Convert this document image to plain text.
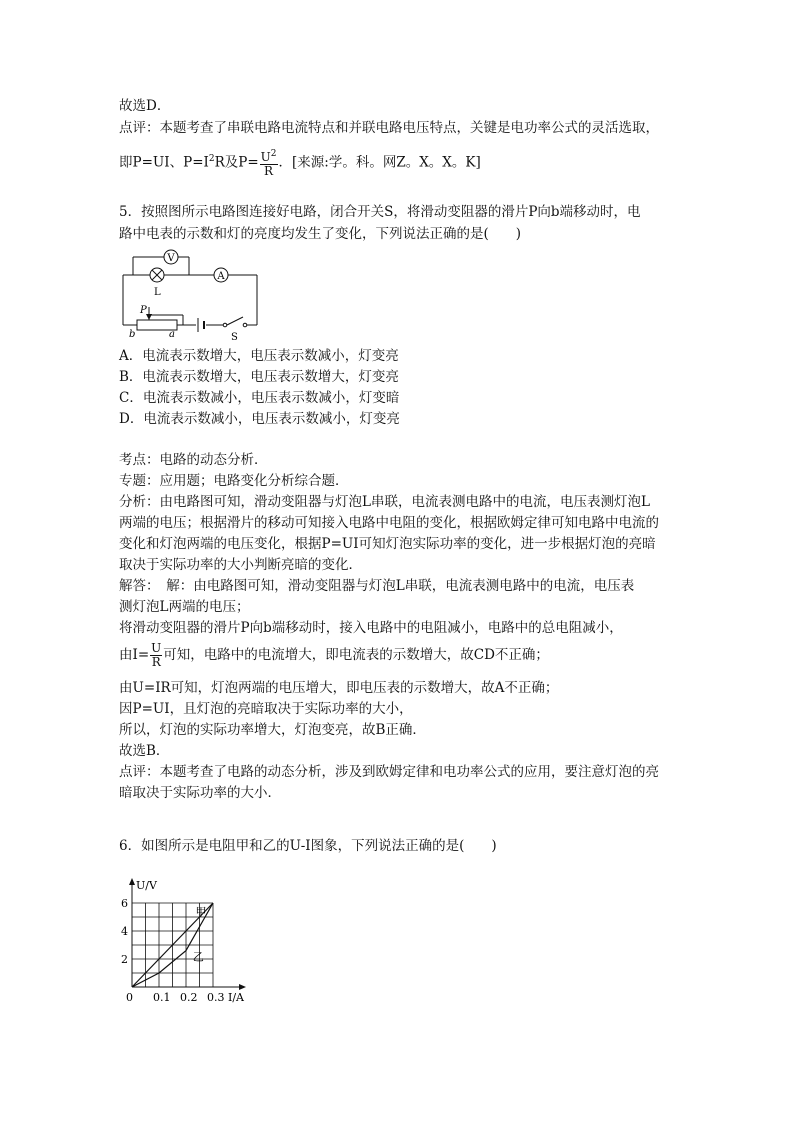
故选D．
点评：本题考查了串联电路电流特点和并联电路电压特点，关键是电功率公式的灵活选取，
即P=UI、$P=I^2R$及$P= \frac{U^2}{R}$ ．[来源:学。科。网Z。X。X。K]
5．按照图所示电路图连接好电路，闭合开关S，将滑动变阻器的滑片P向b端移动时，电
路中电表的示数和灯的亮度均发生了变化，下列说法正确的是(　　)
V
A
L
P
b	a	S
A．电流表示数增大，电压表示数减小，灯变亮
B．电流表示数增大，电压表示数增大，灯变亮
C．电流表示数减小，电压表示数减小，灯变暗
D．电流表示数减小，电压表示数减小，灯变亮
考点：电路的动态分析．
专题：应用题；电路变化分析综合题．
分析：由电路图可知，滑动变阻器与灯泡L串联，电流表测电路中的电流，电压表测灯泡L
两端的电压；根据滑片的移动可知接入电路中电阻的变化，根据欧姆定律可知电路中电流的
变化和灯泡两端的电压变化，根据P=UI可知灯泡实际功率的变化，进一步根据灯泡的亮暗
取决于实际功率的大小判断亮暗的变化．
解答：　解：由电路图可知，滑动变阻器与灯泡L串联，电流表测电路中的电流，电压表
测灯泡L两端的电压；
将滑动变阻器的滑片P向b端移动时，接入电路中的电阻减小，电路中的总电阻减小，
由$I= \frac{U}{R}$ 可知，电路中的电流增大，即电流表的示数增大，故CD不正确；
由U=IR可知，灯泡两端的电压增大，即电压表的示数增大，故A不正确；
因P=UI，且灯泡的亮暗取决于实际功率的大小，
所以，灯泡的实际功率增大，灯泡变亮，故B正确．
故选B．
点评：本题考查了电路的动态分析，涉及到欧姆定律和电功率公式的应用，要注意灯泡的亮
暗取决于实际功率的大小．
6．如图所示是电阻甲和乙的U-I图象，下列说法正确的是(　　)
甲
乙
0 0.1 0.2 0.3
2
4
6
I/A
U/V
